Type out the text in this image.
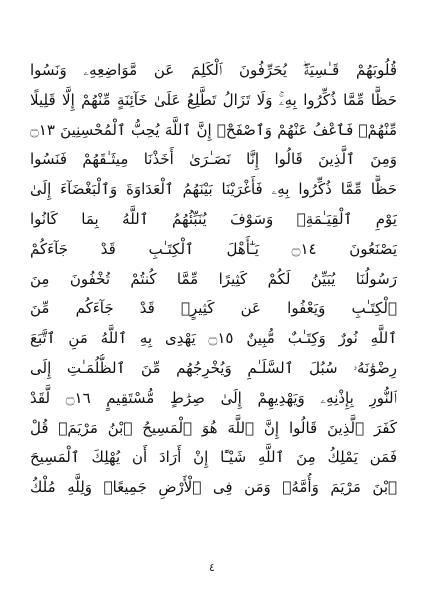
قُلُوبَهُمْ قَـٰسِيَةًۖ يُحَرِّفُونَ ٱلْكَلِمَ عَن مَّوَاضِعِهِۦ وَنَسُوا
حَظًّا مِّمَّا ذُكِّرُوا بِهِۦۚ وَلَا تَزَالُ تَطَّلِعُ عَلَىٰ خَآئِنَةٍ مِّنْهُمْ إِلَّا قَلِيلًا
مِّنْهُمْۖ فَٱعْفُ عَنْهُمْ وَٱصْفَحْۚ إِنَّ ٱللَّهَ يُحِبُّ ٱلْمُحْسِنِينَ ۝١٣
وَمِنَ ٱلَّذِينَ قَالُوا إِنَّا نَصَـٰرَىٰ أَخَذْنَا مِيثَـٰقَهُمْ فَنَسُوا
حَظًّا مِّمَّا ذُكِّرُوا بِهِۦ فَأَغْرَيْنَا بَيْنَهُمُ ٱلْعَدَاوَةَ وَٱلْبَغْضَآءَ إِلَىٰ
يَوْمِ ٱلْقِيَـٰمَةِۚ وَسَوْفَ يُنَبِّئُهُمُ ٱللَّهُ بِمَا كَانُوا
يَصْنَعُونَ ۝١٤ يَـٰٓأَهْلَ ٱلْكِتَـٰبِ قَدْ جَآءَكُمْ
رَسُولُنَا يُبَيِّنُ لَكُمْ كَثِيرًا مِّمَّا كُنتُمْ تُخْفُونَ مِنَ
ٱلْكِتَـٰبِ وَيَعْفُوا عَن كَثِيرٍۚ قَدْ جَآءَكُم مِّنَ
ٱللَّهِ نُورٌ وَكِتَـٰبٌ مُّبِينٌ ۝١٥ يَهْدِى بِهِ ٱللَّهُ مَنِ ٱتَّبَعَ
رِضْوَٰنَهُۥ سُبُلَ ٱلسَّلَـٰمِ وَيُخْرِجُهُم مِّنَ ٱلظُّلُمَـٰتِ إِلَى
ٱلنُّورِ بِإِذْنِهِۦ وَيَهْدِيهِمْ إِلَىٰ صِرَٰطٍ مُّسْتَقِيمٍ ۝١٦ لَّقَدْ
كَفَرَ ٱلَّذِينَ قَالُوا إِنَّ ٱللَّهَ هُوَ ٱلْمَسِيحُ ٱبْنُ مَرْيَمَۚ قُلْ
فَمَن يَمْلِكُ مِنَ ٱللَّهِ شَيْـًٔا إِنْ أَرَادَ أَن يُهْلِكَ ٱلْمَسِيحَ
ٱبْنَ مَرْيَمَ وَأُمَّهُۥ وَمَن فِى ٱلْأَرْضِ جَمِيعًاۗ وَلِلَّهِ مُلْكُ
٤
